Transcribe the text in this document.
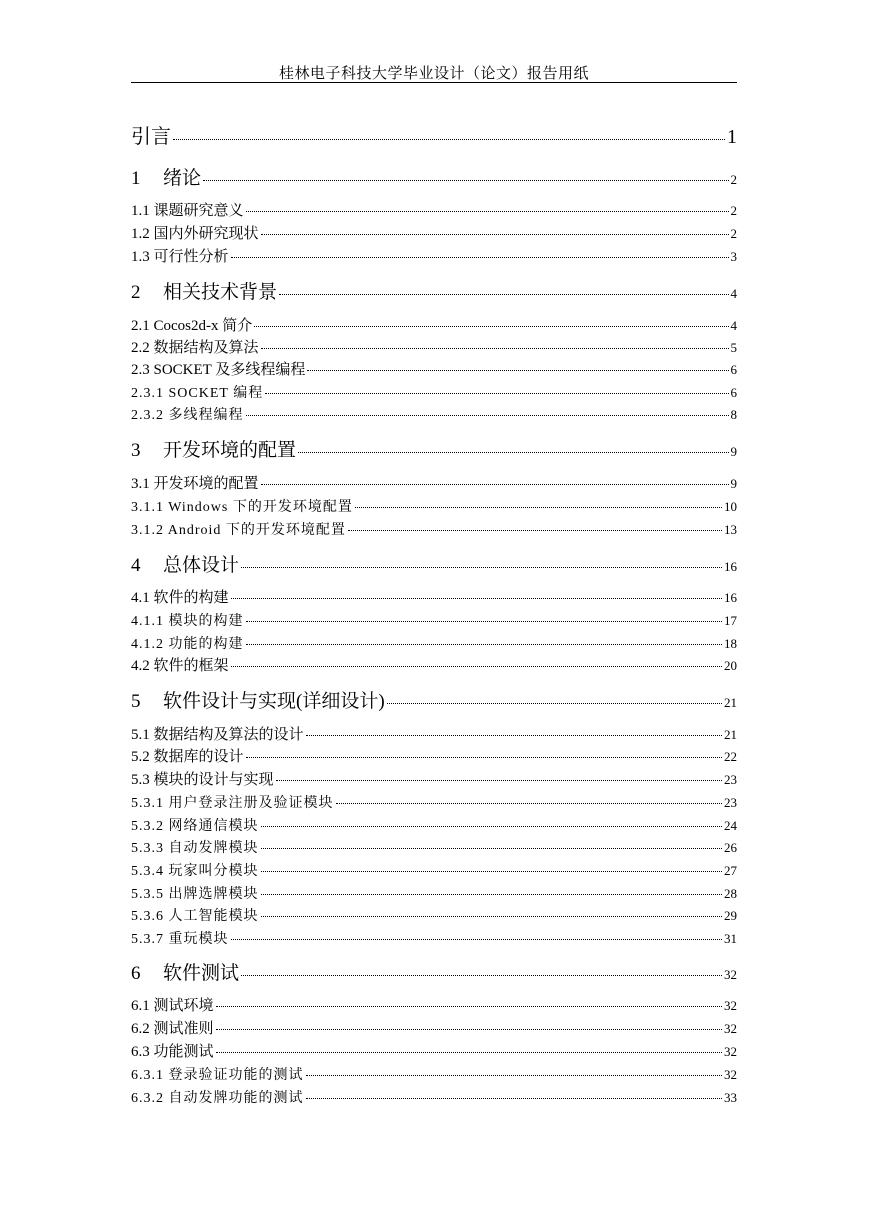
桂林电子科技大学毕业设计（论文）报告用纸
引言	1
1 绪论	2
1.1 课题研究意义	2
1.2 国内外研究现状	2
1.3 可行性分析	3
2 相关技术背景	4
2.1 Cocos2d-x 简介	4
2.2 数据结构及算法	5
2.3 SOCKET 及多线程编程	6
2.3.1 SOCKET 编程	6
2.3.2 多线程编程	8
3 开发环境的配置	9
3.1 开发环境的配置	9
3.1.1 Windows 下的开发环境配置	10
3.1.2 Android 下的开发环境配置	13
4 总体设计	16
4.1 软件的构建	16
4.1.1 模块的构建	17
4.1.2 功能的构建	18
4.2 软件的框架	20
5 软件设计与实现(详细设计)	21
5.1 数据结构及算法的设计	21
5.2 数据库的设计	22
5.3 模块的设计与实现	23
5.3.1 用户登录注册及验证模块	23
5.3.2 网络通信模块	24
5.3.3 自动发牌模块	26
5.3.4 玩家叫分模块	27
5.3.5 出牌选牌模块	28
5.3.6 人工智能模块	29
5.3.7 重玩模块	31
6 软件测试	32
6.1 测试环境	32
6.2 测试准则	32
6.3 功能测试	32
6.3.1 登录验证功能的测试	32
6.3.2 自动发牌功能的测试	33
